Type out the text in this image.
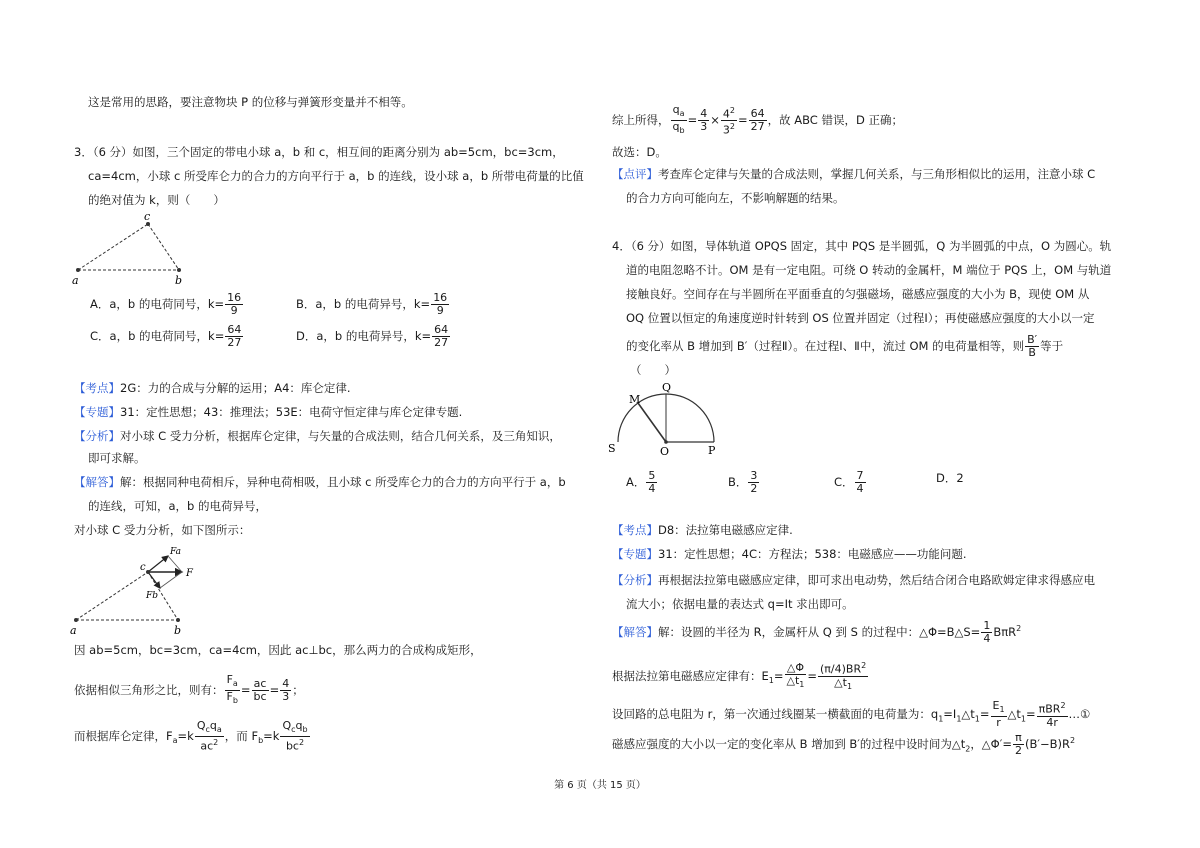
这是常用的思路，要注意物块 P 的位移与弹簧形变量并不相等。
3．（6 分）如图，三个固定的带电小球 a，b 和 c，相互间的距离分别为 ab=5cm，bc=3cm，
ca=4cm，小球 c 所受库仑力的合力的方向平行于 a，b 的连线，设小球 a，b 所带电荷量的比值
的绝对值为 k，则（　　）
a	b
c
A．a，b 的电荷同号，$k= \frac{16}{9}$	B．a，b 的电荷异号，$k= \frac{16}{9}$
C．a，b 的电荷同号，$k= \frac{64}{27}$	D．a，b 的电荷异号，$k= \frac{64}{27}$
【考点】2G：力的合成与分解的运用；A4：库仑定律.
【专题】31：定性思想；43：推理法；53E：电荷守恒定律与库仑定律专题.
【分析】对小球 C 受力分析，根据库仑定律，与矢量的合成法则，结合几何关系，及三角知识，
即可求解。
【解答】解：根据同种电荷相斥，异种电荷相吸，且小球 c 所受库仑力的合力的方向平行于 a，b
的连线，可知，a，b 的电荷异号，
对小球 C 受力分析，如下图所示：
a	b
c
Fa
Fb
F
因 ab=5cm，bc=3cm，ca=4cm，因此 ac⊥bc，那么两力的合成构成矩形，
依据相似三角形之比，则有： $\frac{F_a}{F_b} = \frac{ac}{bc} = \frac{4}{3}$ ；
而根据库仑定律，$F_a=k \frac{Q_cq_a}{ac^2}$ ，而 $F_b=k \frac{Q_cq_b}{bc^2}$
综上所得， $\frac{q_a}{q_b} = \frac{4}{3} \times \frac{4^2}{3^2} = \frac{64}{27}$ ，故 ABC 错误，D 正确；
故选：D。
【点评】考查库仑定律与矢量的合成法则，掌握几何关系，与三角形相似比的运用，注意小球 C
的合力方向可能向左，不影响解题的结果。
4．（6 分）如图，导体轨道 OPQS 固定，其中 PQS 是半圆弧，Q 为半圆弧的中点，O 为圆心。轨
道的电阻忽略不计。OM 是有一定电阻。可绕 O 转动的金属杆，M 端位于 PQS 上，OM 与轨道
接触良好。空间存在与半圆所在平面垂直的匀强磁场，磁感应强度的大小为 B，现使 OM 从
OQ 位置以恒定的角速度逆时针转到 OS 位置并固定（过程Ⅰ）；再使磁感应强度的大小以一定
的变化率从 B 增加到 B′（过程Ⅱ）。在过程Ⅰ、Ⅱ中，流过 OM 的电荷量相等，则 $\frac{B'}{B}$ 等于
（　　）
M
Q
S	O	P
A． $\frac{5}{4}$	B． $\frac{3}{2}$	C． $\frac{7}{4}$	D．2
【考点】D8：法拉第电磁感应定律.
【专题】31：定性思想；4C：方程法；538：电磁感应——功能问题.
【分析】再根据法拉第电磁感应定律，即可求出电动势，然后结合闭合电路欧姆定律求得感应电
流大小；依据电量的表达式 q=It 求出即可。
【解答】解：设圆的半径为 R，金属杆从 Q 到 S 的过程中：△Φ=B△S= $\frac{1}{4} B\pi R^2$
根据法拉第电磁感应定律有：$E_1= \frac{\triangle\Phi}{\triangle t_1} = \frac{(\pi/4)BR^2}{\triangle t_1}$
设回路的总电阻为 r，第一次通过线圈某一横截面的电荷量为：$q_1=I_1\triangle t_1= \frac{E_1}{r}$ $\triangle t_1= \frac{\pi BR^2}{4r}$ …①
磁感应强度的大小以一定的变化率从 B 增加到 B′的过程中设时间为$\triangle t_2$，△Φ′= $\frac{\pi}{2} (B'-B)R^2$
第 6 页（共 15 页）
